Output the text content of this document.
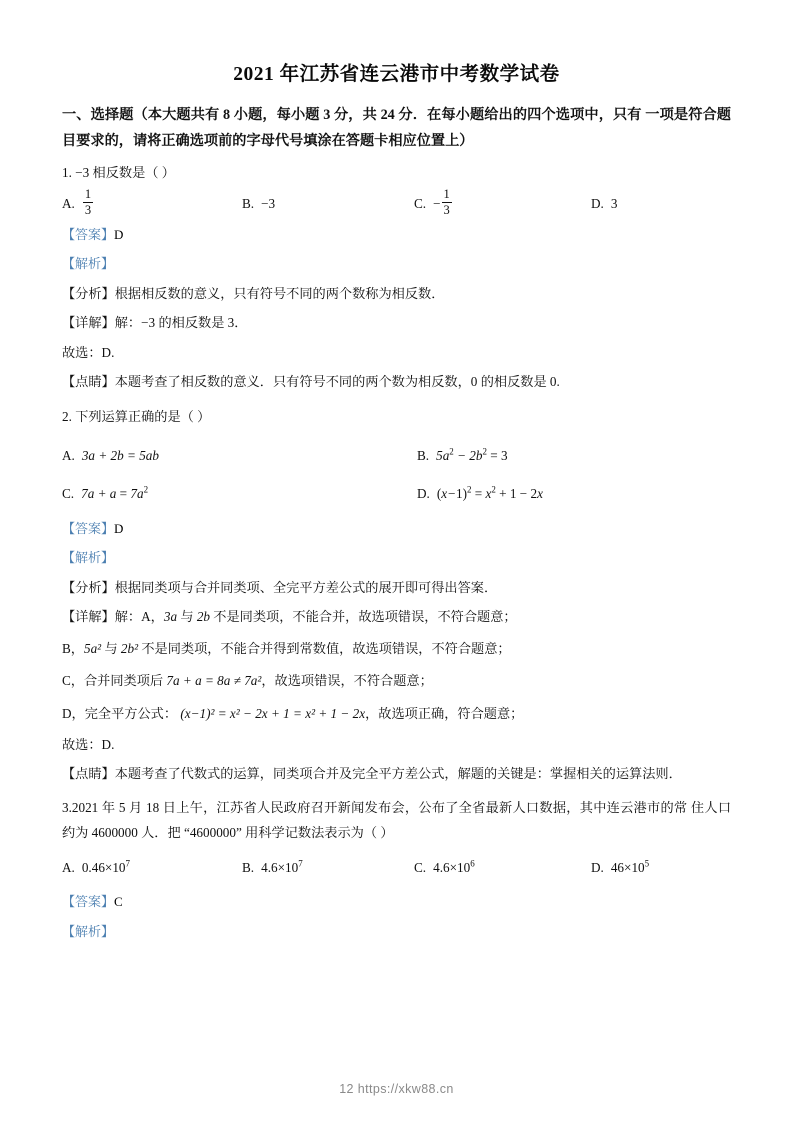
2021 年江苏省连云港市中考数学试卷
一、选择题（本大题共有 8 小题，每小题 3 分，共 24 分．在每小题给出的四个选项中，只有 一项是符合题目要求的，请将正确选项前的字母代号填涂在答题卡相应位置上）
1. −3 相反数是（ ）
A. $\frac{1}{3}$	B. −3	C. − $\frac{1}{3}$	D. 3
【答案】D
【解析】
【分析】根据相反数的意义，只有符号不同的两个数称为相反数．
【详解】解：−3 的相反数是 3．
故选：D.
【点睛】本题考查了相反数的意义．只有符号不同的两个数为相反数，0 的相反数是 0.
2. 下列运算正确的是（ ）
A. 3a + 2b = 5ab	B. $5a^2 - 2b^2 = 3$
C. $7a + a = 7a^2$	D. $(x-1)^2 = x^2 + 1 - 2x$
【答案】D
【解析】
【分析】根据同类项与合并同类项、全完平方差公式的展开即可得出答案．
【详解】解：A，3a 与 2b 不是同类项，不能合并，故选项错误，不符合题意；
B，5a² 与 2b² 不是同类项，不能合并得到常数值，故选项错误，不符合题意；
C，合并同类项后 7a + a = 8a ≠ 7a²，故选项错误，不符合题意；
D，完全平方公式： (x−1)² = x² − 2x + 1 = x² + 1 − 2x，故选项正确，符合题意；
故选：D.
【点睛】本题考查了代数式的运算，同类项合并及完全平方差公式，解题的关键是：掌握相关的运算法则．
3.2021 年 5 月 18 日上午，江苏省人民政府召开新闻发布会，公布了全省最新人口数据，其中连云港市的常 住人口约为 4600000 人．把 “4600000” 用科学记数法表示为（ ）
A. $0.46\times 10^7$	B. $4.6\times 10^7$	C. $4.6\times 10^6$	D. $46\times 10^5$
【答案】C
【解析】
12 https://xkw88.cn
